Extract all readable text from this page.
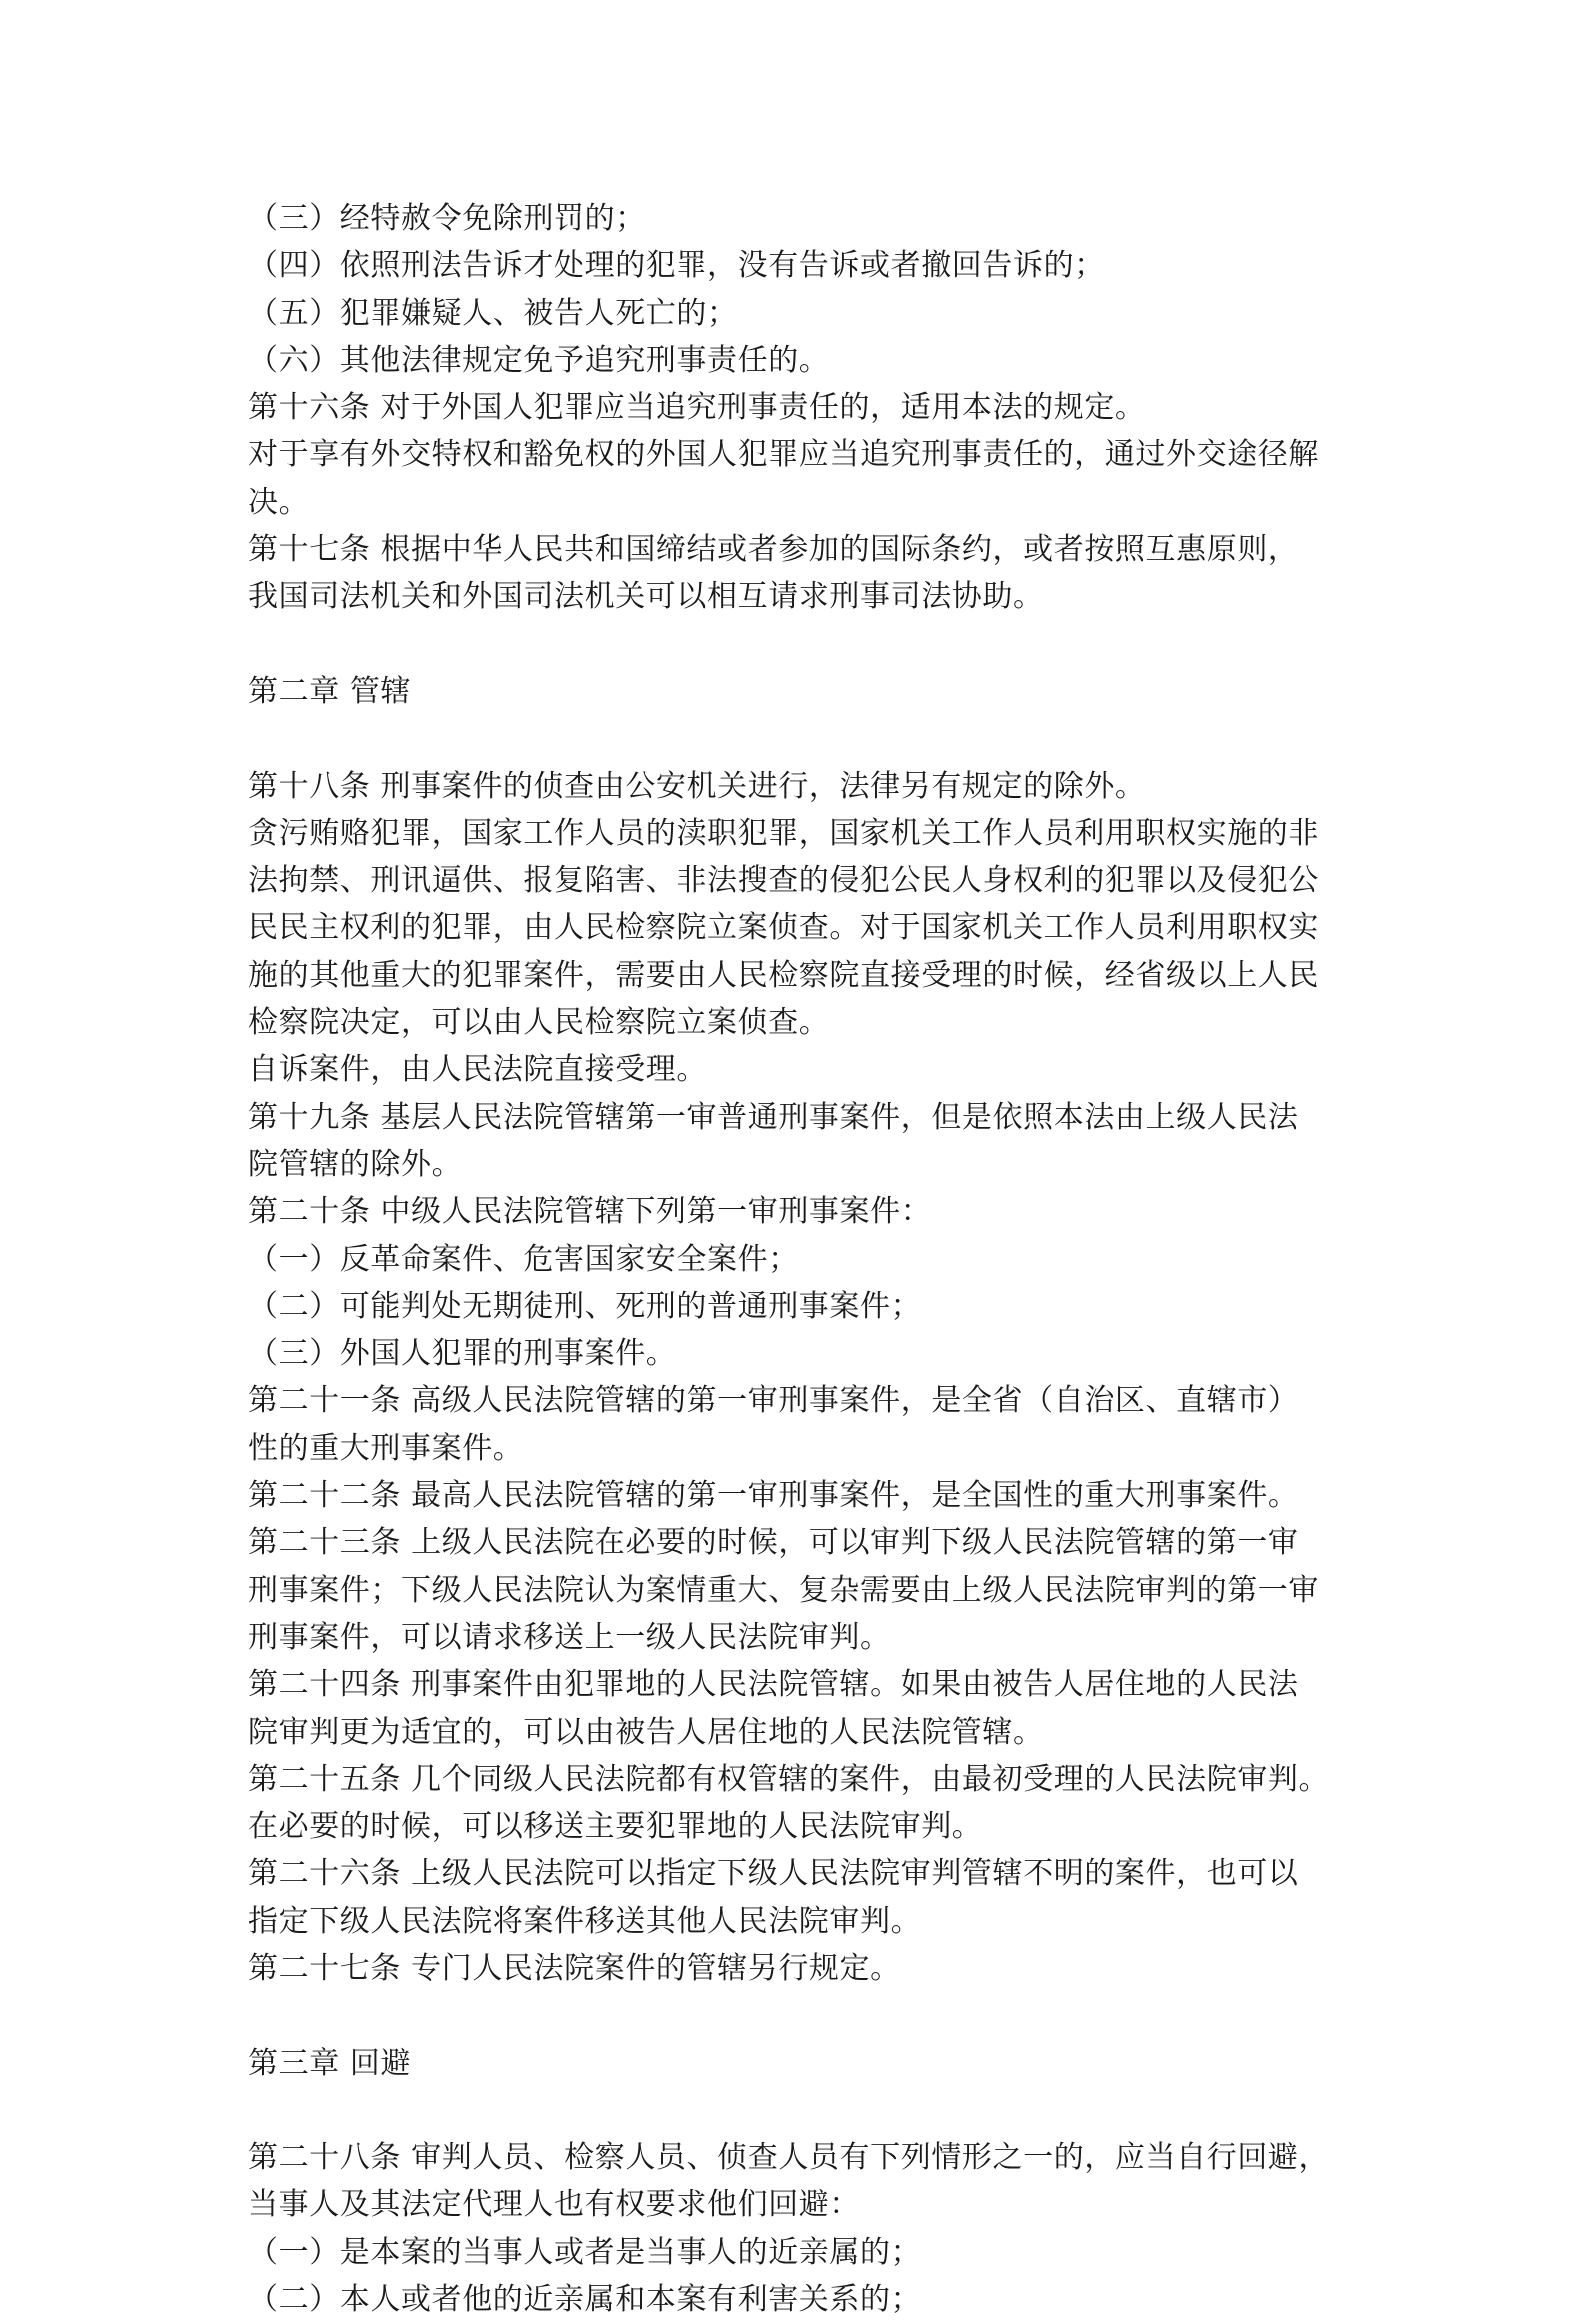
（三）经特赦令免除刑罚的；
（四）依照刑法告诉才处理的犯罪，没有告诉或者撤回告诉的；
（五）犯罪嫌疑人、被告人死亡的；
（六）其他法律规定免予追究刑事责任的。
第十六条 对于外国人犯罪应当追究刑事责任的，适用本法的规定。
对于享有外交特权和豁免权的外国人犯罪应当追究刑事责任的，通过外交途径解
决。
第十七条 根据中华人民共和国缔结或者参加的国际条约，或者按照互惠原则，
我国司法机关和外国司法机关可以相互请求刑事司法协助。
第二章 管辖
第十八条 刑事案件的侦查由公安机关进行，法律另有规定的除外。
贪污贿赂犯罪，国家工作人员的渎职犯罪，国家机关工作人员利用职权实施的非
法拘禁、刑讯逼供、报复陷害、非法搜查的侵犯公民人身权利的犯罪以及侵犯公
民民主权利的犯罪，由人民检察院立案侦查。对于国家机关工作人员利用职权实
施的其他重大的犯罪案件，需要由人民检察院直接受理的时候，经省级以上人民
检察院决定，可以由人民检察院立案侦查。
自诉案件，由人民法院直接受理。
第十九条 基层人民法院管辖第一审普通刑事案件，但是依照本法由上级人民法
院管辖的除外。
第二十条 中级人民法院管辖下列第一审刑事案件：
（一）反革命案件、危害国家安全案件；
（二）可能判处无期徒刑、死刑的普通刑事案件；
（三）外国人犯罪的刑事案件。
第二十一条 高级人民法院管辖的第一审刑事案件，是全省（自治区、直辖市）
性的重大刑事案件。
第二十二条 最高人民法院管辖的第一审刑事案件，是全国性的重大刑事案件。
第二十三条 上级人民法院在必要的时候，可以审判下级人民法院管辖的第一审
刑事案件；下级人民法院认为案情重大、复杂需要由上级人民法院审判的第一审
刑事案件，可以请求移送上一级人民法院审判。
第二十四条 刑事案件由犯罪地的人民法院管辖。如果由被告人居住地的人民法
院审判更为适宜的，可以由被告人居住地的人民法院管辖。
第二十五条 几个同级人民法院都有权管辖的案件，由最初受理的人民法院审判。
在必要的时候，可以移送主要犯罪地的人民法院审判。
第二十六条 上级人民法院可以指定下级人民法院审判管辖不明的案件，也可以
指定下级人民法院将案件移送其他人民法院审判。
第二十七条 专门人民法院案件的管辖另行规定。
第三章 回避
第二十八条 审判人员、检察人员、侦查人员有下列情形之一的，应当自行回避，
当事人及其法定代理人也有权要求他们回避：
（一）是本案的当事人或者是当事人的近亲属的；
（二）本人或者他的近亲属和本案有利害关系的；
